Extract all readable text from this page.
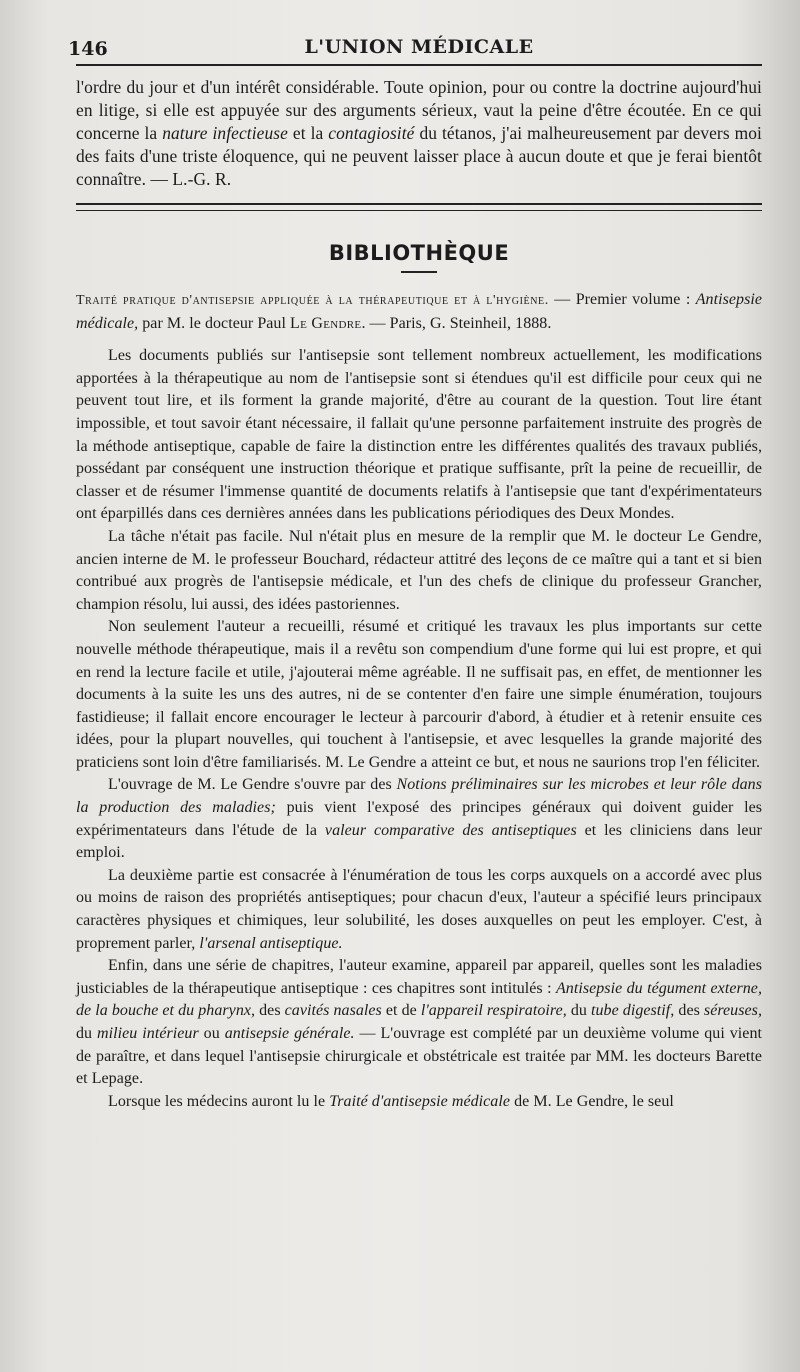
146	L'UNION MÉDICALE

l'ordre du jour et d'un intérêt considérable. Toute opinion, pour ou contre la doctrine aujourd'hui en litige, si elle est appuyée sur des arguments sérieux, vaut la peine d'être écoutée. En ce qui concerne la nature infectieuse et la contagiosité du tétanos, j'ai malheureusement par devers moi des faits d'une triste éloquence, qui ne peuvent laisser place à aucun doute et que je ferai bientôt connaître. — L.-G. R.

BIBLIOTHÈQUE

Traité pratique d'antisepsie appliquée à la thérapeutique et à l'hygiène. — Premier volume : Antisepsie médicale, par M. le docteur Paul Le Gendre. — Paris, G. Steinheil, 1888.

Les documents publiés sur l'antisepsie sont tellement nombreux actuellement, les modifications apportées à la thérapeutique au nom de l'antisepsie sont si étendues qu'il est difficile pour ceux qui ne peuvent tout lire, et ils forment la grande majorité, d'être au courant de la question. Tout lire étant impossible, et tout savoir étant nécessaire, il fallait qu'une personne parfaitement instruite des progrès de la méthode antiseptique, capable de faire la distinction entre les différentes qualités des travaux publiés, possédant par conséquent une instruction théorique et pratique suffisante, prît la peine de recueillir, de classer et de résumer l'immense quantité de documents relatifs à l'antisepsie que tant d'expérimentateurs ont éparpillés dans ces dernières années dans les publications périodiques des Deux Mondes.

La tâche n'était pas facile. Nul n'était plus en mesure de la remplir que M. le docteur Le Gendre, ancien interne de M. le professeur Bouchard, rédacteur attitré des leçons de ce maître qui a tant et si bien contribué aux progrès de l'antisepsie médicale, et l'un des chefs de clinique du professeur Grancher, champion résolu, lui aussi, des idées pastoriennes.

Non seulement l'auteur a recueilli, résumé et critiqué les travaux les plus importants sur cette nouvelle méthode thérapeutique, mais il a revêtu son compendium d'une forme qui lui est propre, et qui en rend la lecture facile et utile, j'ajouterai même agréable. Il ne suffisait pas, en effet, de mentionner les documents à la suite les uns des autres, ni de se contenter d'en faire une simple énumération, toujours fastidieuse; il fallait encore encourager le lecteur à parcourir d'abord, à étudier et à retenir ensuite ces idées, pour la plupart nouvelles, qui touchent à l'antisepsie, et avec lesquelles la grande majorité des praticiens sont loin d'être familiarisés. M. Le Gendre a atteint ce but, et nous ne saurions trop l'en féliciter.

L'ouvrage de M. Le Gendre s'ouvre par des Notions préliminaires sur les microbes et leur rôle dans la production des maladies; puis vient l'exposé des principes généraux qui doivent guider les expérimentateurs dans l'étude de la valeur comparative des antiseptiques et les cliniciens dans leur emploi.

La deuxième partie est consacrée à l'énumération de tous les corps auxquels on a accordé avec plus ou moins de raison des propriétés antiseptiques; pour chacun d'eux, l'auteur a spécifié leurs principaux caractères physiques et chimiques, leur solubilité, les doses auxquelles on peut les employer. C'est, à proprement parler, l'arsenal antiseptique.

Enfin, dans une série de chapitres, l'auteur examine, appareil par appareil, quelles sont les maladies justiciables de la thérapeutique antiseptique : ces chapitres sont intitulés : Antisepsie du tégument externe, de la bouche et du pharynx, des cavités nasales et de l'appareil respiratoire, du tube digestif, des séreuses, du milieu intérieur ou antisepsie générale. — L'ouvrage est complété par un deuxième volume qui vient de paraître, et dans lequel l'antisepsie chirurgicale et obstétricale est traitée par MM. les docteurs Barette et Lepage.

Lorsque les médecins auront lu le Traité d'antisepsie médicale de M. Le Gendre, le seul
